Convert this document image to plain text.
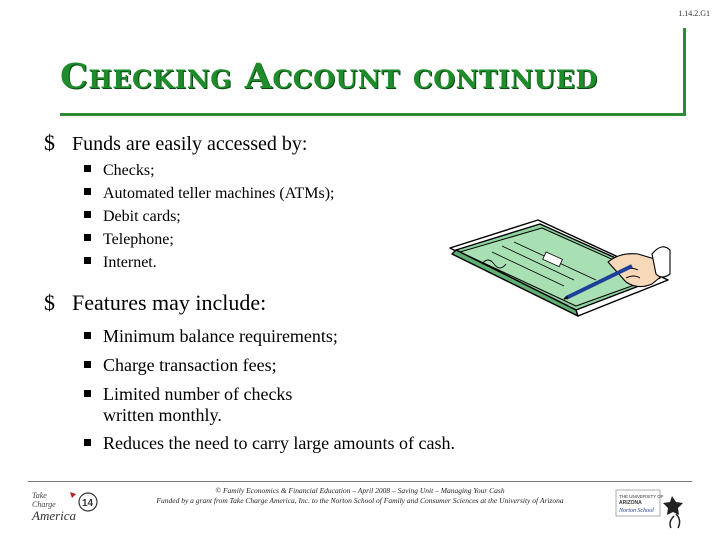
1.14.2.G1
Checking Account continued
$ Funds are easily accessed by:
Checks;
Automated teller machines (ATMs);
Debit cards;
Telephone;
Internet.
$ Features may include:
Minimum balance requirements;
Charge transaction fees;
Limited number of checks
written monthly.
Reduces the need to carry large amounts of cash.
Take
Charge
America
14
© Family Economics & Financial Education – April 2008 – Saving Unit – Managing Your Cash
Funded by a grant from Take Charge America, Inc. to the Norton School of Family and Consumer Sciences at the University of Arizona	THE UNIVERSITY OF
ARIZONA
Norton School
